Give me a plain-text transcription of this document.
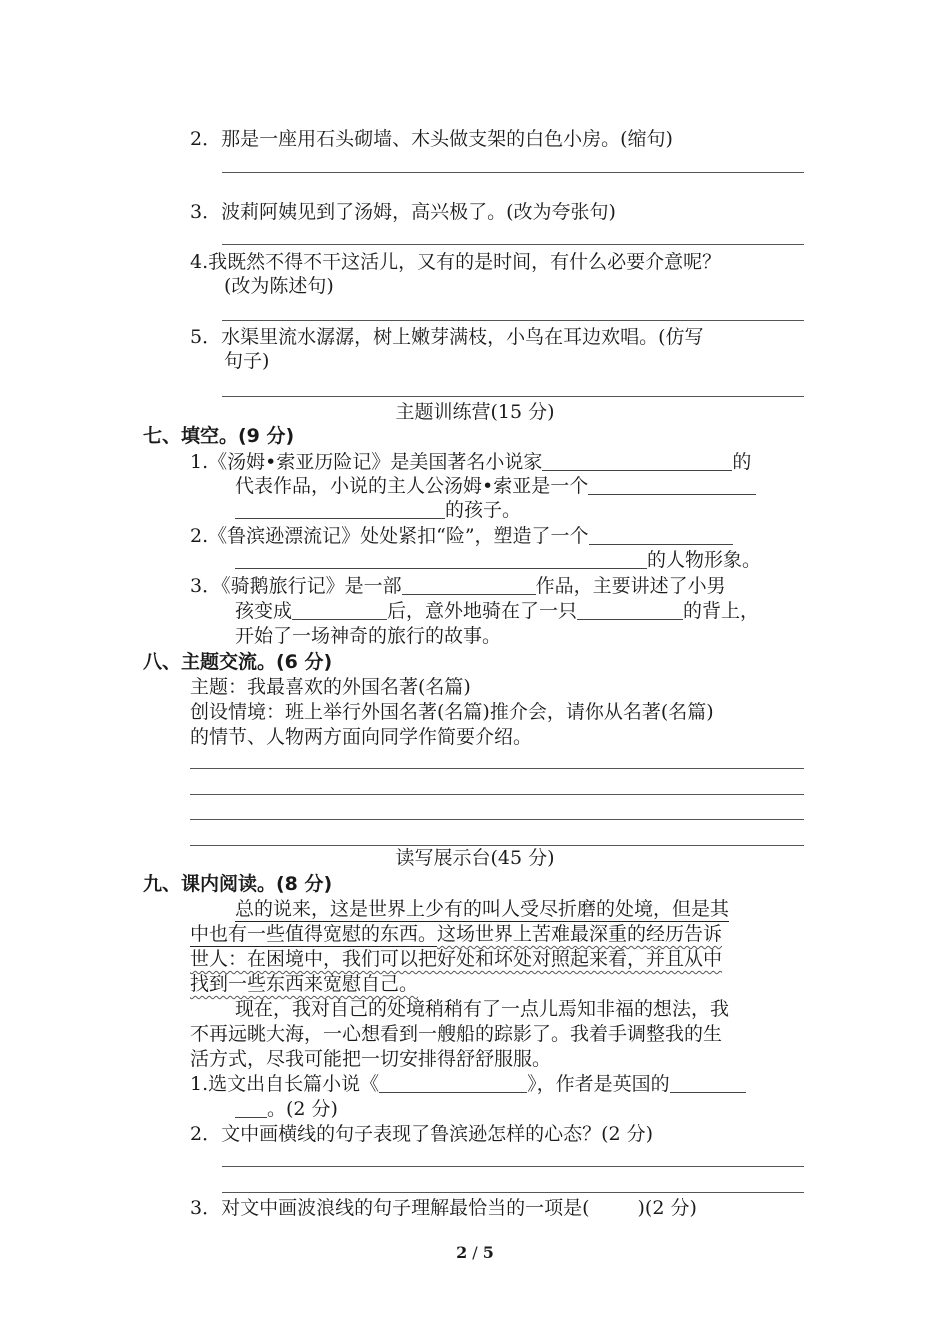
2．那是一座用石头砌墙、木头做支架的白色小房。(缩句)
3．波莉阿姨见到了汤姆，高兴极了。(改为夸张句)
4.我既然不得不干这活儿，又有的是时间，有什么必要介意呢？
(改为陈述句)
5．水渠里流水潺潺，树上嫩芽满枝，小鸟在耳边欢唱。(仿写
句子)
主题训练营(15 分)
七、填空。(9 分)
1.《汤姆•索亚历险记》是美国著名小说家	的
代表作品，小说的主人公汤姆•索亚是一个
的孩子。
2.《鲁滨逊漂流记》处处紧扣“险”，塑造了一个
的人物形象。
3．《骑鹅旅行记》是一部	作品，主要讲述了小男
孩变成	后，意外地骑在了一只	的背上，
开始了一场神奇的旅行的故事。
八、主题交流。(6 分)
主题：我最喜欢的外国名著(名篇)
创设情境：班上举行外国名著(名篇)推介会，请你从名著(名篇)
的情节、人物两方面向同学作简要介绍。
读写展示台(45 分)
九、课内阅读。(8 分)
总的说来，这是世界上少有的叫人受尽折磨的处境，但是其
中也有一些值得宽慰的东西。这场世界上苦难最深重的经历告诉
世人：在困境中，我们可以把好处和坏处对照起来看，并且从中
找到一些东西来宽慰自己。
现在，我对自己的处境稍稍有了一点儿焉知非福的想法，我
不再远眺大海，一心想看到一艘船的踪影了。我着手调整我的生
活方式，尽我可能把一切安排得舒舒服服。
1.选文出自长篇小说《	》，作者是英国的
。(2 分)
2．文中画横线的句子表现了鲁滨逊怎样的心态？(2 分)
3．对文中画波浪线的句子理解最恰当的一项是(	)(2 分)
2 / 5
